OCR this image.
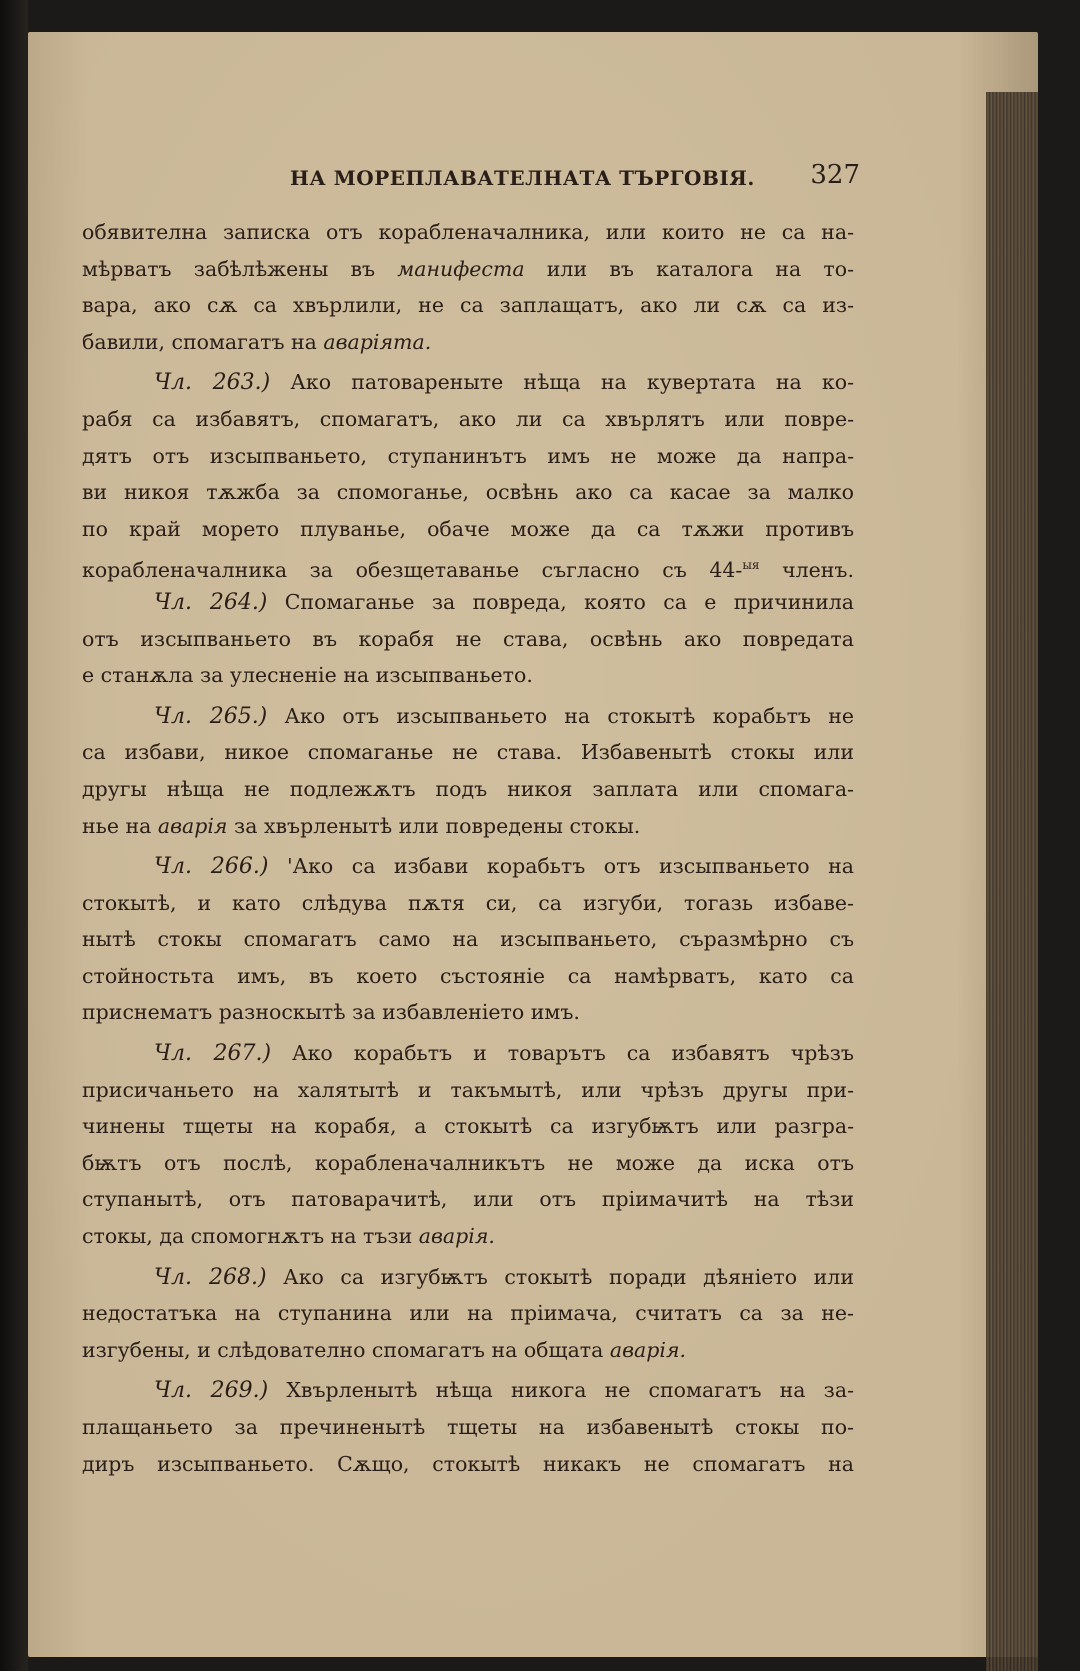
НА МОРЕПЛАВАТЕЛНАТА ТЪРГОВІЯ. 327
обявителна записка отъ корабленачалника, или които не са на-
мѣрватъ забѣлѣжены въ манифеста или въ каталога на то-
вара, ако сѫ са хвърлили, не са заплащатъ, ако ли сѫ са из-
бавили, спомагатъ на аварiята.
Чл. 263.) Ако патовареныте нѣща на кувертата на ко-
рабя са избавятъ, спомагатъ, ако ли са хвърлятъ или повре-
дятъ отъ изсыпваньето, ступанинътъ имъ не може да напра-
ви никоя тѫжба за спомоганье, освѣнь ако са касае за малко
по край морето плуванье, обаче може да са тѫжи противъ
корабленачалника за обезщетаванье съгласно съ 44-$^{ыя}$ членъ.
Чл. 264.) Спомаганье за повреда, която са е причинила
отъ изсыпваньето въ корабя не става, освѣнь ако повредата
е станѫла за улесненiе на изсыпваньето.
Чл. 265.) Ако отъ изсыпваньето на стокытѣ корабьтъ не
са избави, никое спомаганье не става. Избавенытѣ стокы или
другы нѣща не подлежѫтъ подъ никоя заплата или спомага-
нье на аварiя за хвърленытѣ или повредены стокы.
Чл. 266.) 'Ако са избави корабьтъ отъ изсыпваньето на
стокытѣ, и като слѣдува пѫтя си, са изгуби, тогазь избаве-
нытѣ стокы спомагатъ само на изсыпваньето, съразмѣрно съ
стойностьта имъ, въ което състоянiе са намѣрватъ, като са
приснематъ разноскытѣ за избавленiето имъ.
Чл. 267.) Ако корабьтъ и товарътъ са избавятъ чрѣзъ
присичаньето на халятытѣ и такъмытѣ, или чрѣзъ другы при-
чинены тщеты на корабя, а стокытѣ са изгубѭтъ или разгра-
бѭтъ отъ послѣ, корабленачалникътъ не може да иска отъ
ступанытѣ, отъ патоварачитѣ, или отъ прiимачитѣ на тѣзи
стокы, да спомогнѫтъ на тъзи аварiя.
Чл. 268.) Ако са изгубѭтъ стокытѣ поради дѣянiето или
недостатъка на ступанина или на прiимача, считатъ са за не-
изгубены, и слѣдователно спомагатъ на общата аварiя.
Чл. 269.) Хвърленытѣ нѣща никога не спомагатъ на за-
плащаньето за пречиненытѣ тщеты на избавенытѣ стокы по-
диръ изсыпваньето. Сѫщо, стокытѣ никакъ не спомагатъ на
